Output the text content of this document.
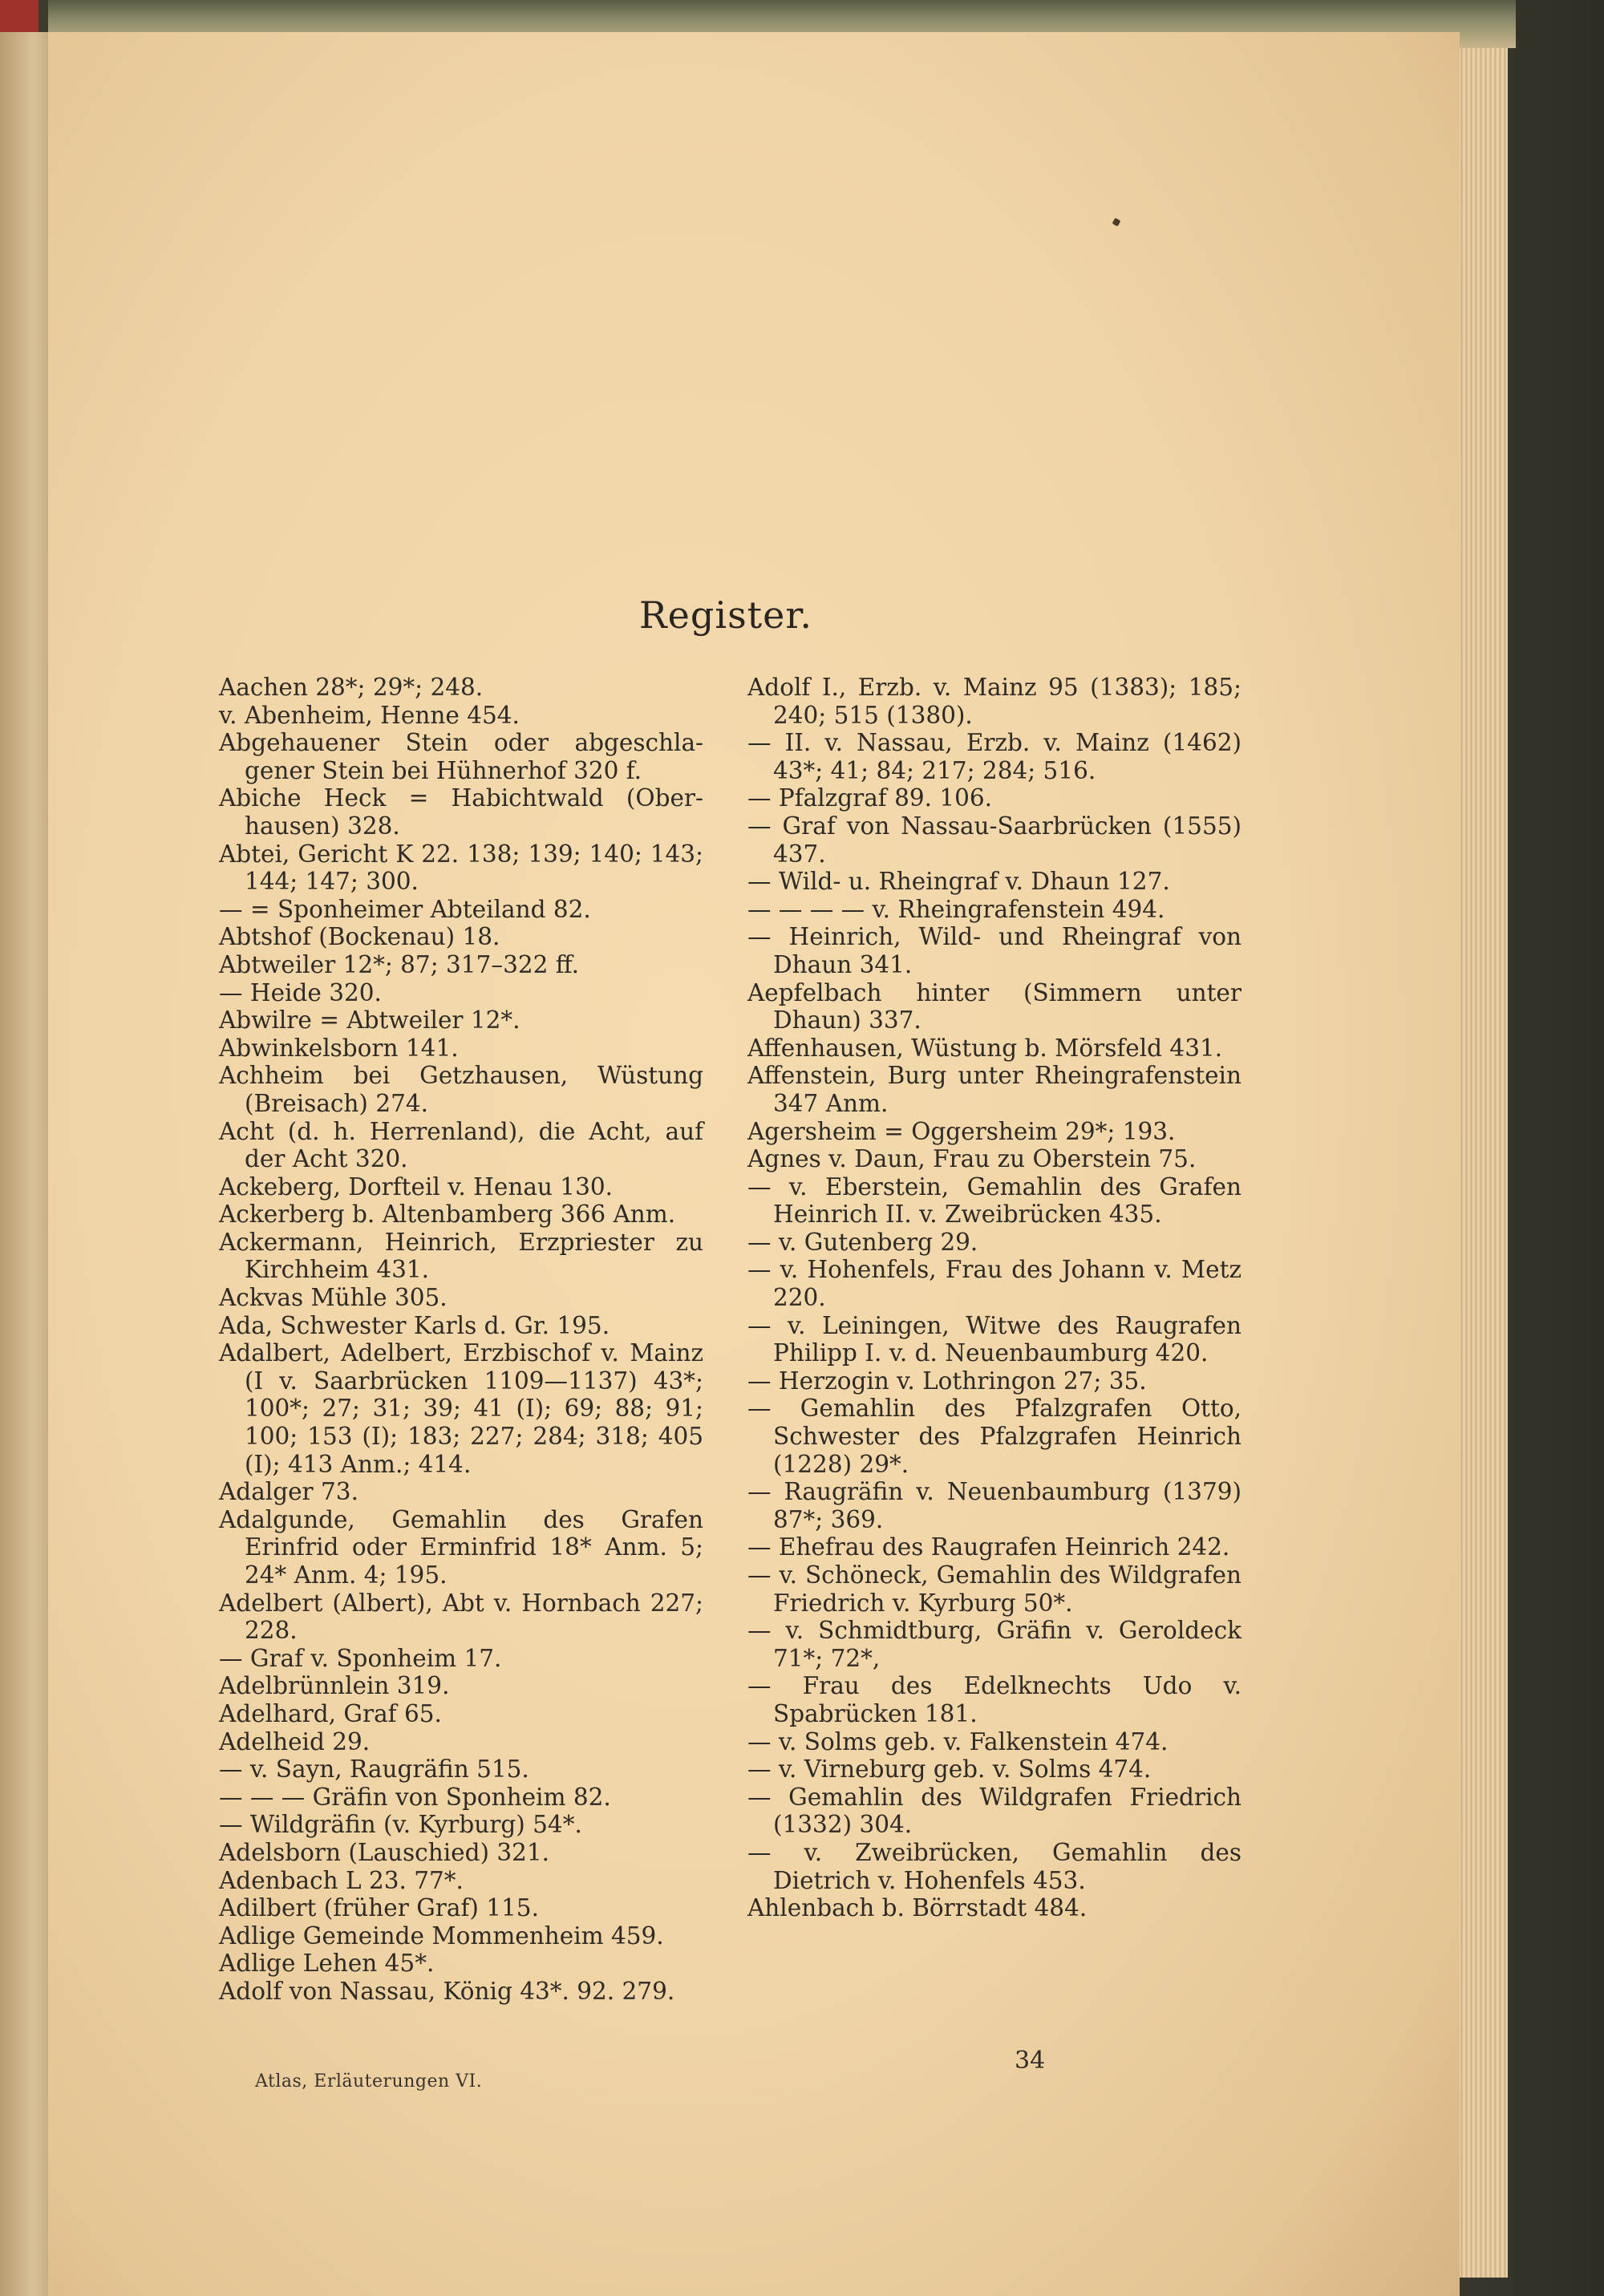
Register.

Aachen 28*; 29*; 248.

v. Abenheim, Henne 454.

Abgehauener Stein oder abgeschlagener Stein bei Hühnerhof 320 f.

Abiche Heck = Habichtwald (Oberhausen) 328.

Abtei, Gericht K 22. 138; 139; 140; 143; 144; 147; 300.

— = Sponheimer Abteiland 82.

Abtshof (Bockenau) 18.

Abtweiler 12*; 87; 317–322 ff.

— Heide 320.

Abwilre = Abtweiler 12*.

Abwinkelsborn 141.

Achheim bei Getzhausen, Wüstung (Breisach) 274.

Acht (d. h. Herrenland), die Acht, auf der Acht 320.

Ackeberg, Dorfteil v. Henau 130.

Ackerberg b. Altenbamberg 366 Anm.

Ackermann, Heinrich, Erzpriester zu Kirchheim 431.

Ackvas Mühle 305.

Ada, Schwester Karls d. Gr. 195.

Adalbert, Adelbert, Erzbischof v. Mainz (I v. Saarbrücken 1109—1137) 43*; 100*; 27; 31; 39; 41 (I); 69; 88; 91; 100; 153 (I); 183; 227; 284; 318; 405 (I); 413 Anm.; 414.

Adalger 73.

Adalgunde, Gemahlin des Grafen Erinfrid oder Erminfrid 18* Anm. 5; 24* Anm. 4; 195.

Adelbert (Albert), Abt v. Hornbach 227; 228.

— Graf v. Sponheim 17.

Adelbrünnlein 319.

Adelhard, Graf 65.

Adelheid 29.

— v. Sayn, Raugräfin 515.

— — — Gräfin von Sponheim 82.

— Wildgräfin (v. Kyrburg) 54*.

Adelsborn (Lauschied) 321.

Adenbach L 23. 77*.

Adilbert (früher Graf) 115.

Adlige Gemeinde Mommenheim 459.

Adlige Lehen 45*.

Adolf von Nassau, König 43*. 92. 279.

Adolf I., Erzb. v. Mainz 95 (1383); 185; 240; 515 (1380).

— II. v. Nassau, Erzb. v. Mainz (1462) 43*; 41; 84; 217; 284; 516.

— Pfalzgraf 89. 106.

— Graf von Nassau-Saarbrücken (1555) 437.

— Wild- u. Rheingraf v. Dhaun 127.

— — — — v. Rheingrafenstein 494.

— Heinrich, Wild- und Rheingraf von Dhaun 341.

Aepfelbach hinter (Simmern unter Dhaun) 337.

Affenhausen, Wüstung b. Mörsfeld 431.

Affenstein, Burg unter Rheingrafenstein 347 Anm.

Agersheim = Oggersheim 29*; 193.

Agnes v. Daun, Frau zu Oberstein 75.

— v. Eberstein, Gemahlin des Grafen Heinrich II. v. Zweibrücken 435.

— v. Gutenberg 29.

— v. Hohenfels, Frau des Johann v. Metz 220.

— v. Leiningen, Witwe des Raugrafen Philipp I. v. d. Neuenbaumburg 420.

— Herzogin v. Lothringon 27; 35.

— Gemahlin des Pfalzgrafen Otto, Schwester des Pfalzgrafen Heinrich (1228) 29*.

— Raugräfin v. Neuenbaumburg (1379) 87*; 369.

— Ehefrau des Raugrafen Heinrich 242.

— v. Schöneck, Gemahlin des Wildgrafen Friedrich v. Kyrburg 50*.

— v. Schmidtburg, Gräfin v. Geroldeck 71*; 72*,

— Frau des Edelknechts Udo v. Spabrücken 181.

— v. Solms geb. v. Falkenstein 474.

— v. Virneburg geb. v. Solms 474.

— Gemahlin des Wildgrafen Friedrich (1332) 304.

— v. Zweibrücken, Gemahlin des Dietrich v. Hohenfels 453.

Ahlenbach b. Börrstadt 484.

34
Atlas, Erläuterungen VI.
